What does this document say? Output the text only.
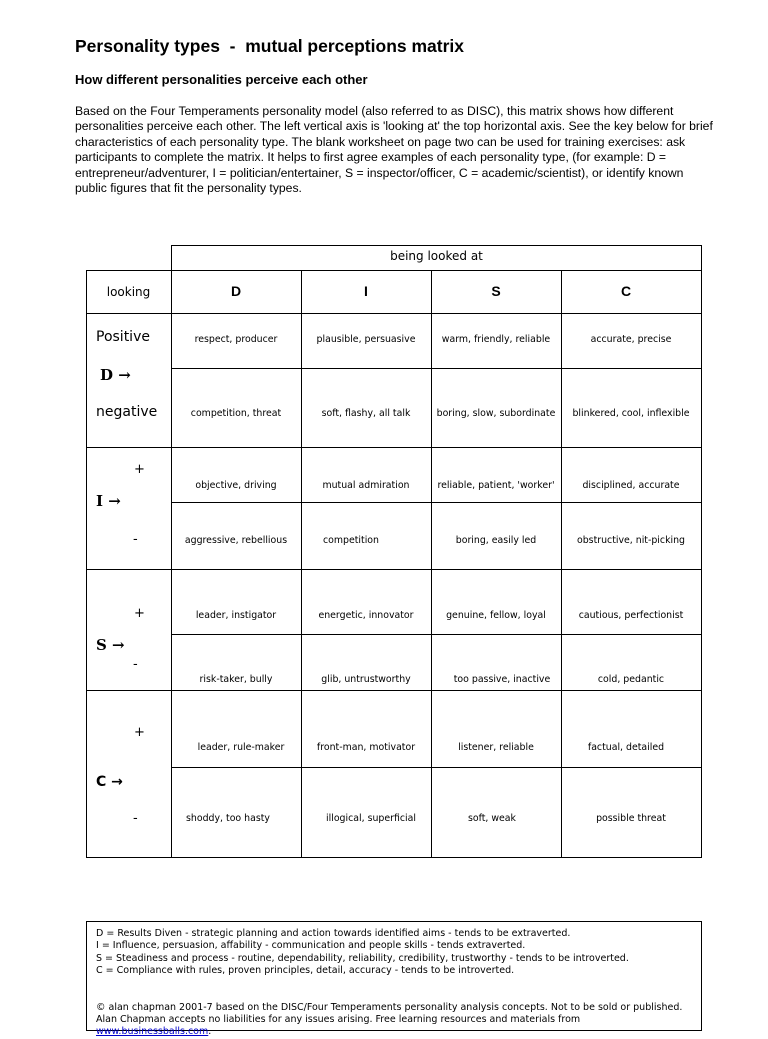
Personality types  -  mutual perceptions matrix
How different personalities perceive each other
Based on the Four Temperaments personality model (also referred to as DISC), this matrix shows how different personalities perceive each other. The left vertical axis is 'looking at' the top horizontal axis. See the key below for brief characteristics of each personality type. The blank worksheet on page two can be used for training exercises: ask participants to complete the matrix. It helps to first agree examples of each personality type, (for example: D = entrepreneur/adventurer, I = politician/entertainer, S = inspector/officer, C = academic/scientist), or identify known public figures that fit the personality types.
being looked at
looking	D	I	S	C
Positive
D →
negative
respect, producer	plausible, persuasive	warm, friendly, reliable	accurate, precise
competition, threat	soft, flashy, all talk	boring, slow, subordinate	blinkered, cool, inflexible
+
I →
-
objective, driving	mutual admiration	reliable, patient, 'worker'	disciplined, accurate
aggressive, rebellious	competition	boring, easily led	obstructive, nit-picking
+
S →
-
leader, instigator	energetic, innovator	genuine, fellow, loyal	cautious, perfectionist
risk-taker, bully	glib, untrustworthy	too passive, inactive	cold, pedantic
+
C →
-
leader, rule-maker	front-man, motivator	listener, reliable	factual, detailed
shoddy, too hasty	illogical, superficial	soft, weak	possible threat
D = Results Diven - strategic planning and action towards identified aims - tends to be extraverted.
I = Influence, persuasion, affability - communication and people skills - tends extraverted.
S = Steadiness and process - routine, dependability, reliability, credibility, trustworthy - tends to be introverted.
C = Compliance with rules, proven principles, detail, accuracy - tends to be introverted.
© alan chapman 2001-7 based on the DISC/Four Temperaments personality analysis concepts. Not to be sold or published.
Alan Chapman accepts no liabilities for any issues arising. Free learning resources and materials from www.businessballs.com.
